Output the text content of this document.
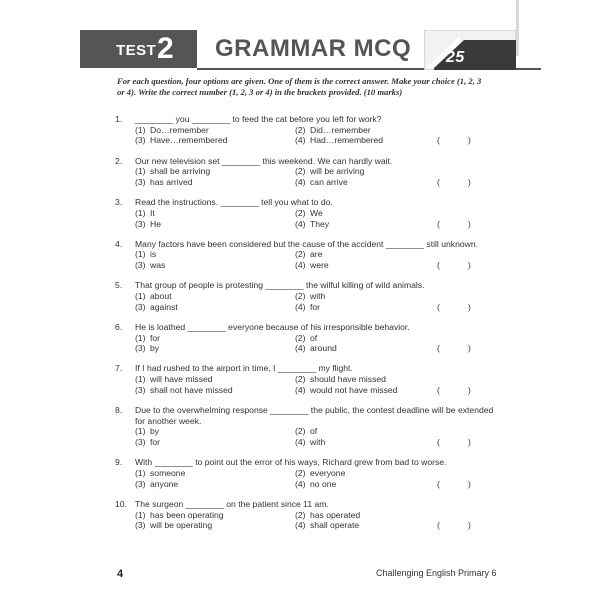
TEST 2 GRAMMAR MCQ 25
For each question, four options are given. One of them is the correct answer. Make your choice (1, 2, 3 or 4). Write the correct number (1, 2, 3 or 4) in the brackets provided. (10 marks)
1.	________ you ________ to feed the cat before you left for work?
(1) Do…remember	(2) Did…remember
(3) Have…remembered	(4) Had…remembered	(	)
2.	Our new television set ________ this weekend. We can hardly wait.
(1) shall be arriving	(2) will be arriving
(3) has arrived	(4) can arrive	(	)
3.	Read the instructions. ________ tell you what to do.
(1) It	(2) We
(3) He	(4) They	(	)
4.	Many factors have been considered but the cause of the accident ________ still unknown.
(1) is	(2) are
(3) was	(4) were	(	)
5.	That group of people is protesting ________ the wilful killing of wild animals.
(1) about	(2) with
(3) against	(4) for	(	)
6.	He is loathed ________ everyone because of his irresponsible behavior.
(1) for	(2) of
(3) by	(4) around	(	)
7.	If I had rushed to the airport in time, I ________ my flight.
(1) will have missed	(2) should have missed
(3) shall not have missed	(4) would not have missed	(	)
8.	Due to the overwhelming response ________ the public, the contest deadline will be extended for another week.
(1) by	(2) of
(3) for	(4) with	(	)
9.	With ________ to point out the error of his ways, Richard grew from bad to worse.
(1) someone	(2) everyone
(3) anyone	(4) no one	(	)
10. The surgeon ________ on the patient since 11 am.
(1) has been operating	(2) has operated
(3) will be operating	(4) shall operate	(	)
4	Challenging English Primary 6
